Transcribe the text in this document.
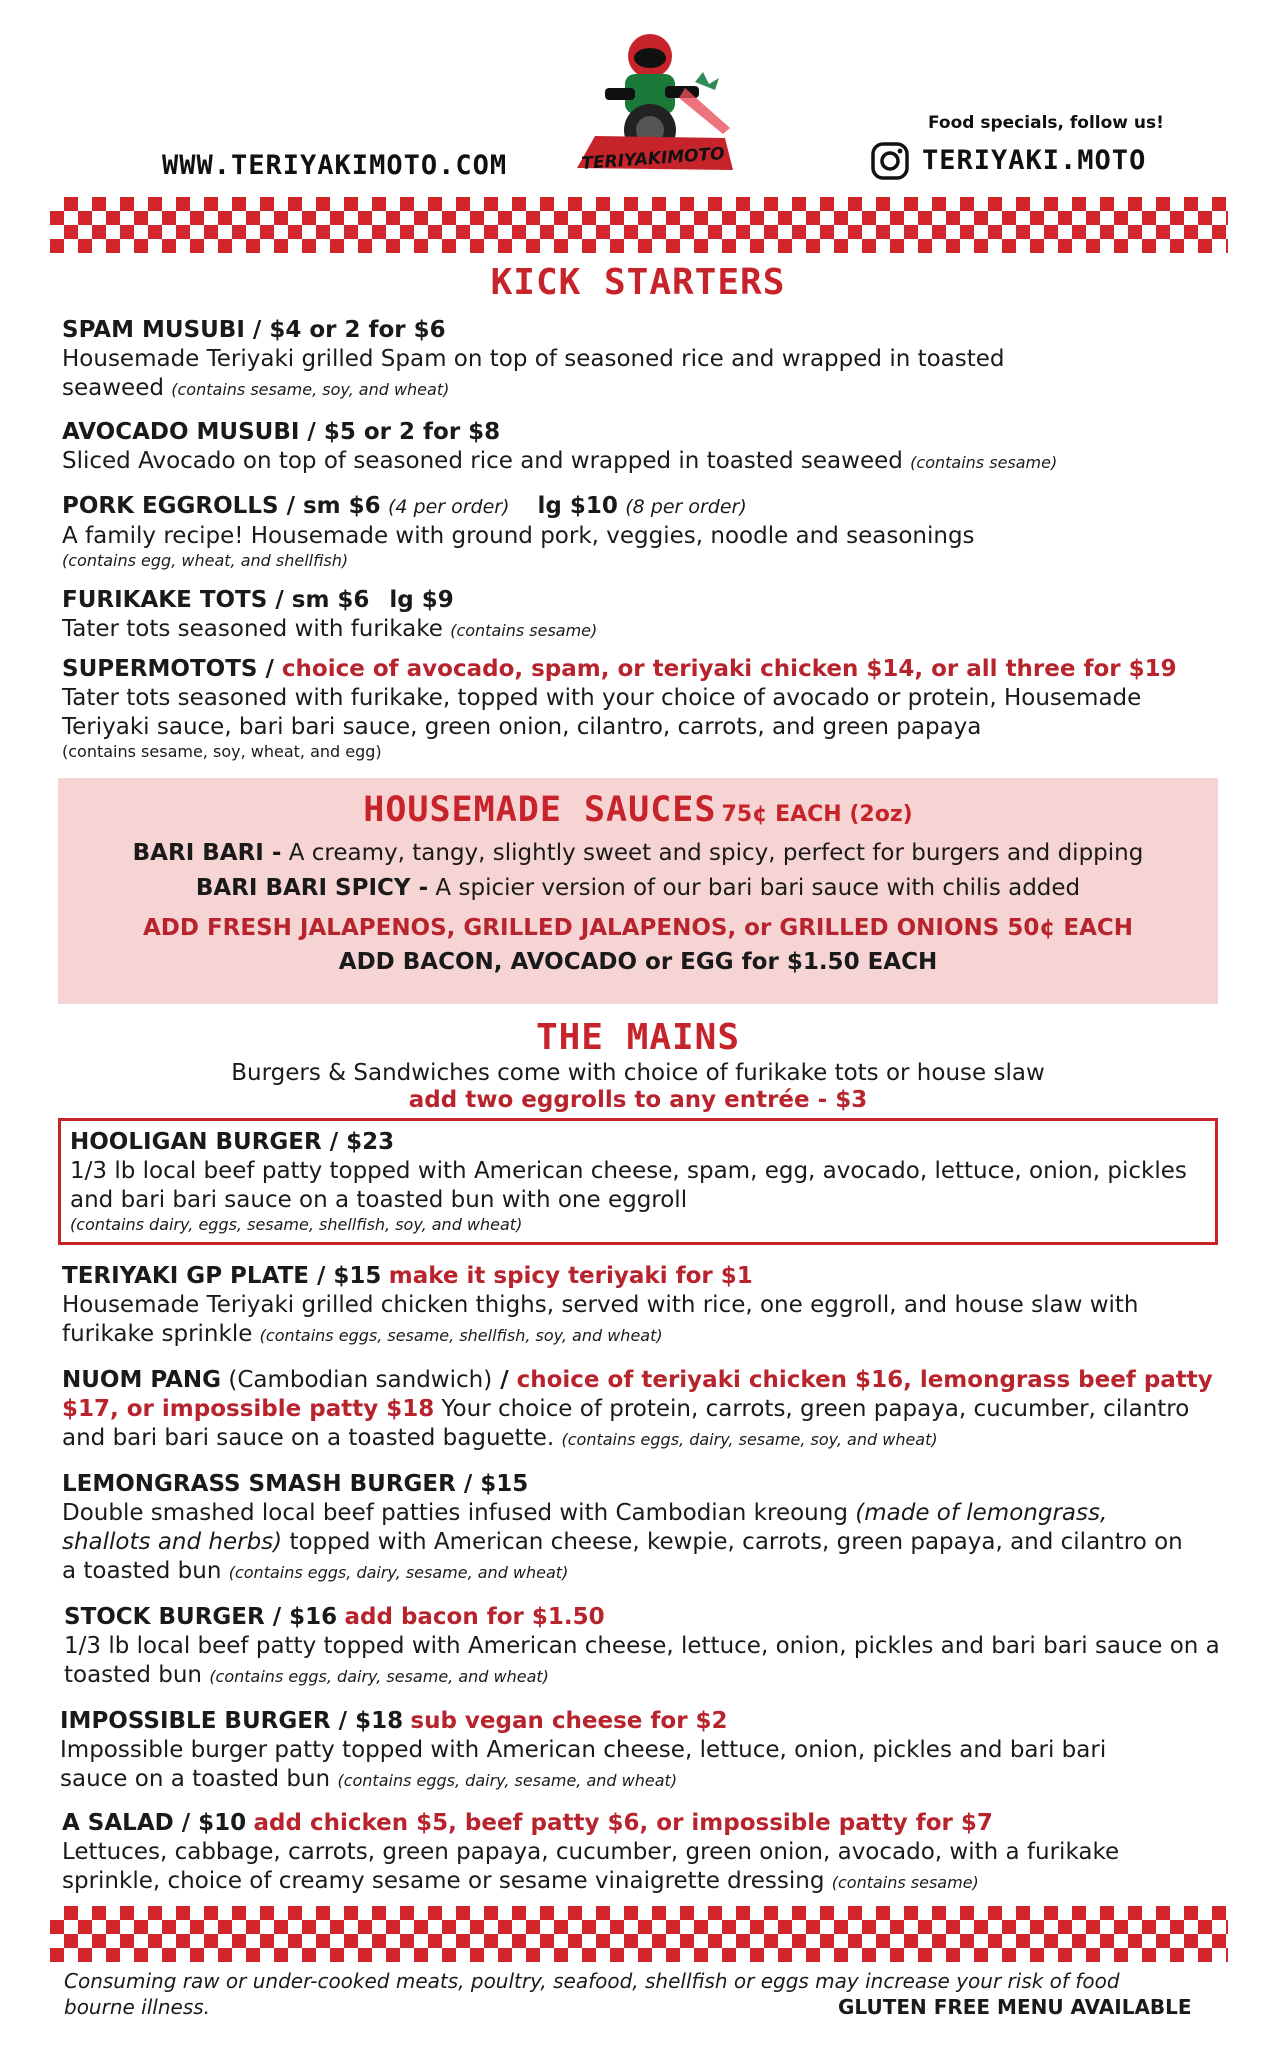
WWW.TERIYAKIMOTO.COM	TERIYAKIMOTO
Food specials, follow us!
TERIYAKI.MOTO
KICK STARTERS
SPAM MUSUBI / $4 or 2 for $6
Housemade Teriyaki grilled Spam on top of seasoned rice and wrapped in toasted
seaweed (contains sesame, soy, and wheat)
AVOCADO MUSUBI / $5 or 2 for $8
Sliced Avocado on top of seasoned rice and wrapped in toasted seaweed (contains sesame)
PORK EGGROLLS / sm $6 (4 per order) lg $10 (8 per order)
A family recipe! Housemade with ground pork, veggies, noodle and seasonings
(contains egg, wheat, and shellfish)
FURIKAKE TOTS / sm $6 lg $9
Tater tots seasoned with furikake (contains sesame)
SUPERMOTOTS / choice of avocado, spam, or teriyaki chicken $14, or all three for $19
Tater tots seasoned with furikake, topped with your choice of avocado or protein, Housemade
Teriyaki sauce, bari bari sauce, green onion, cilantro, carrots, and green papaya
(contains sesame, soy, wheat, and egg)
HOUSEMADE SAUCES 75¢ EACH (2oz)
BARI BARI - A creamy, tangy, slightly sweet and spicy, perfect for burgers and dipping
BARI BARI SPICY - A spicier version of our bari bari sauce with chilis added
ADD FRESH JALAPENOS, GRILLED JALAPENOS, or GRILLED ONIONS 50¢ EACH
ADD BACON, AVOCADO or EGG for $1.50 EACH
THE MAINS
Burgers & Sandwiches come with choice of furikake tots or house slaw
add two eggrolls to any entrée - $3
HOOLIGAN BURGER / $23
1/3 lb local beef patty topped with American cheese, spam, egg, avocado, lettuce, onion, pickles
and bari bari sauce on a toasted bun with one eggroll
(contains dairy, eggs, sesame, shellfish, soy, and wheat)
TERIYAKI GP PLATE / $15 make it spicy teriyaki for $1
Housemade Teriyaki grilled chicken thighs, served with rice, one eggroll, and house slaw with
furikake sprinkle (contains eggs, sesame, shellfish, soy, and wheat)
NUOM PANG (Cambodian sandwich) / choice of teriyaki chicken $16, lemongrass beef patty
$17, or impossible patty $18 Your choice of protein, carrots, green papaya, cucumber, cilantro
and bari bari sauce on a toasted baguette. (contains eggs, dairy, sesame, soy, and wheat)
LEMONGRASS SMASH BURGER / $15
Double smashed local beef patties infused with Cambodian kreoung (made of lemongrass,
shallots and herbs) topped with American cheese, kewpie, carrots, green papaya, and cilantro on
a toasted bun (contains eggs, dairy, sesame, and wheat)
STOCK BURGER / $16 add bacon for $1.50
1/3 lb local beef patty topped with American cheese, lettuce, onion, pickles and bari bari sauce on a
toasted bun (contains eggs, dairy, sesame, and wheat)
IMPOSSIBLE BURGER / $18 sub vegan cheese for $2
Impossible burger patty topped with American cheese, lettuce, onion, pickles and bari bari
sauce on a toasted bun (contains eggs, dairy, sesame, and wheat)
A SALAD / $10 add chicken $5, beef patty $6, or impossible patty for $7
Lettuces, cabbage, carrots, green papaya, cucumber, green onion, avocado, with a furikake
sprinkle, choice of creamy sesame or sesame vinaigrette dressing (contains sesame)
Consuming raw or under-cooked meats, poultry, seafood, shellfish or eggs may increase your risk of food
bourne illness.	GLUTEN FREE MENU AVAILABLE
